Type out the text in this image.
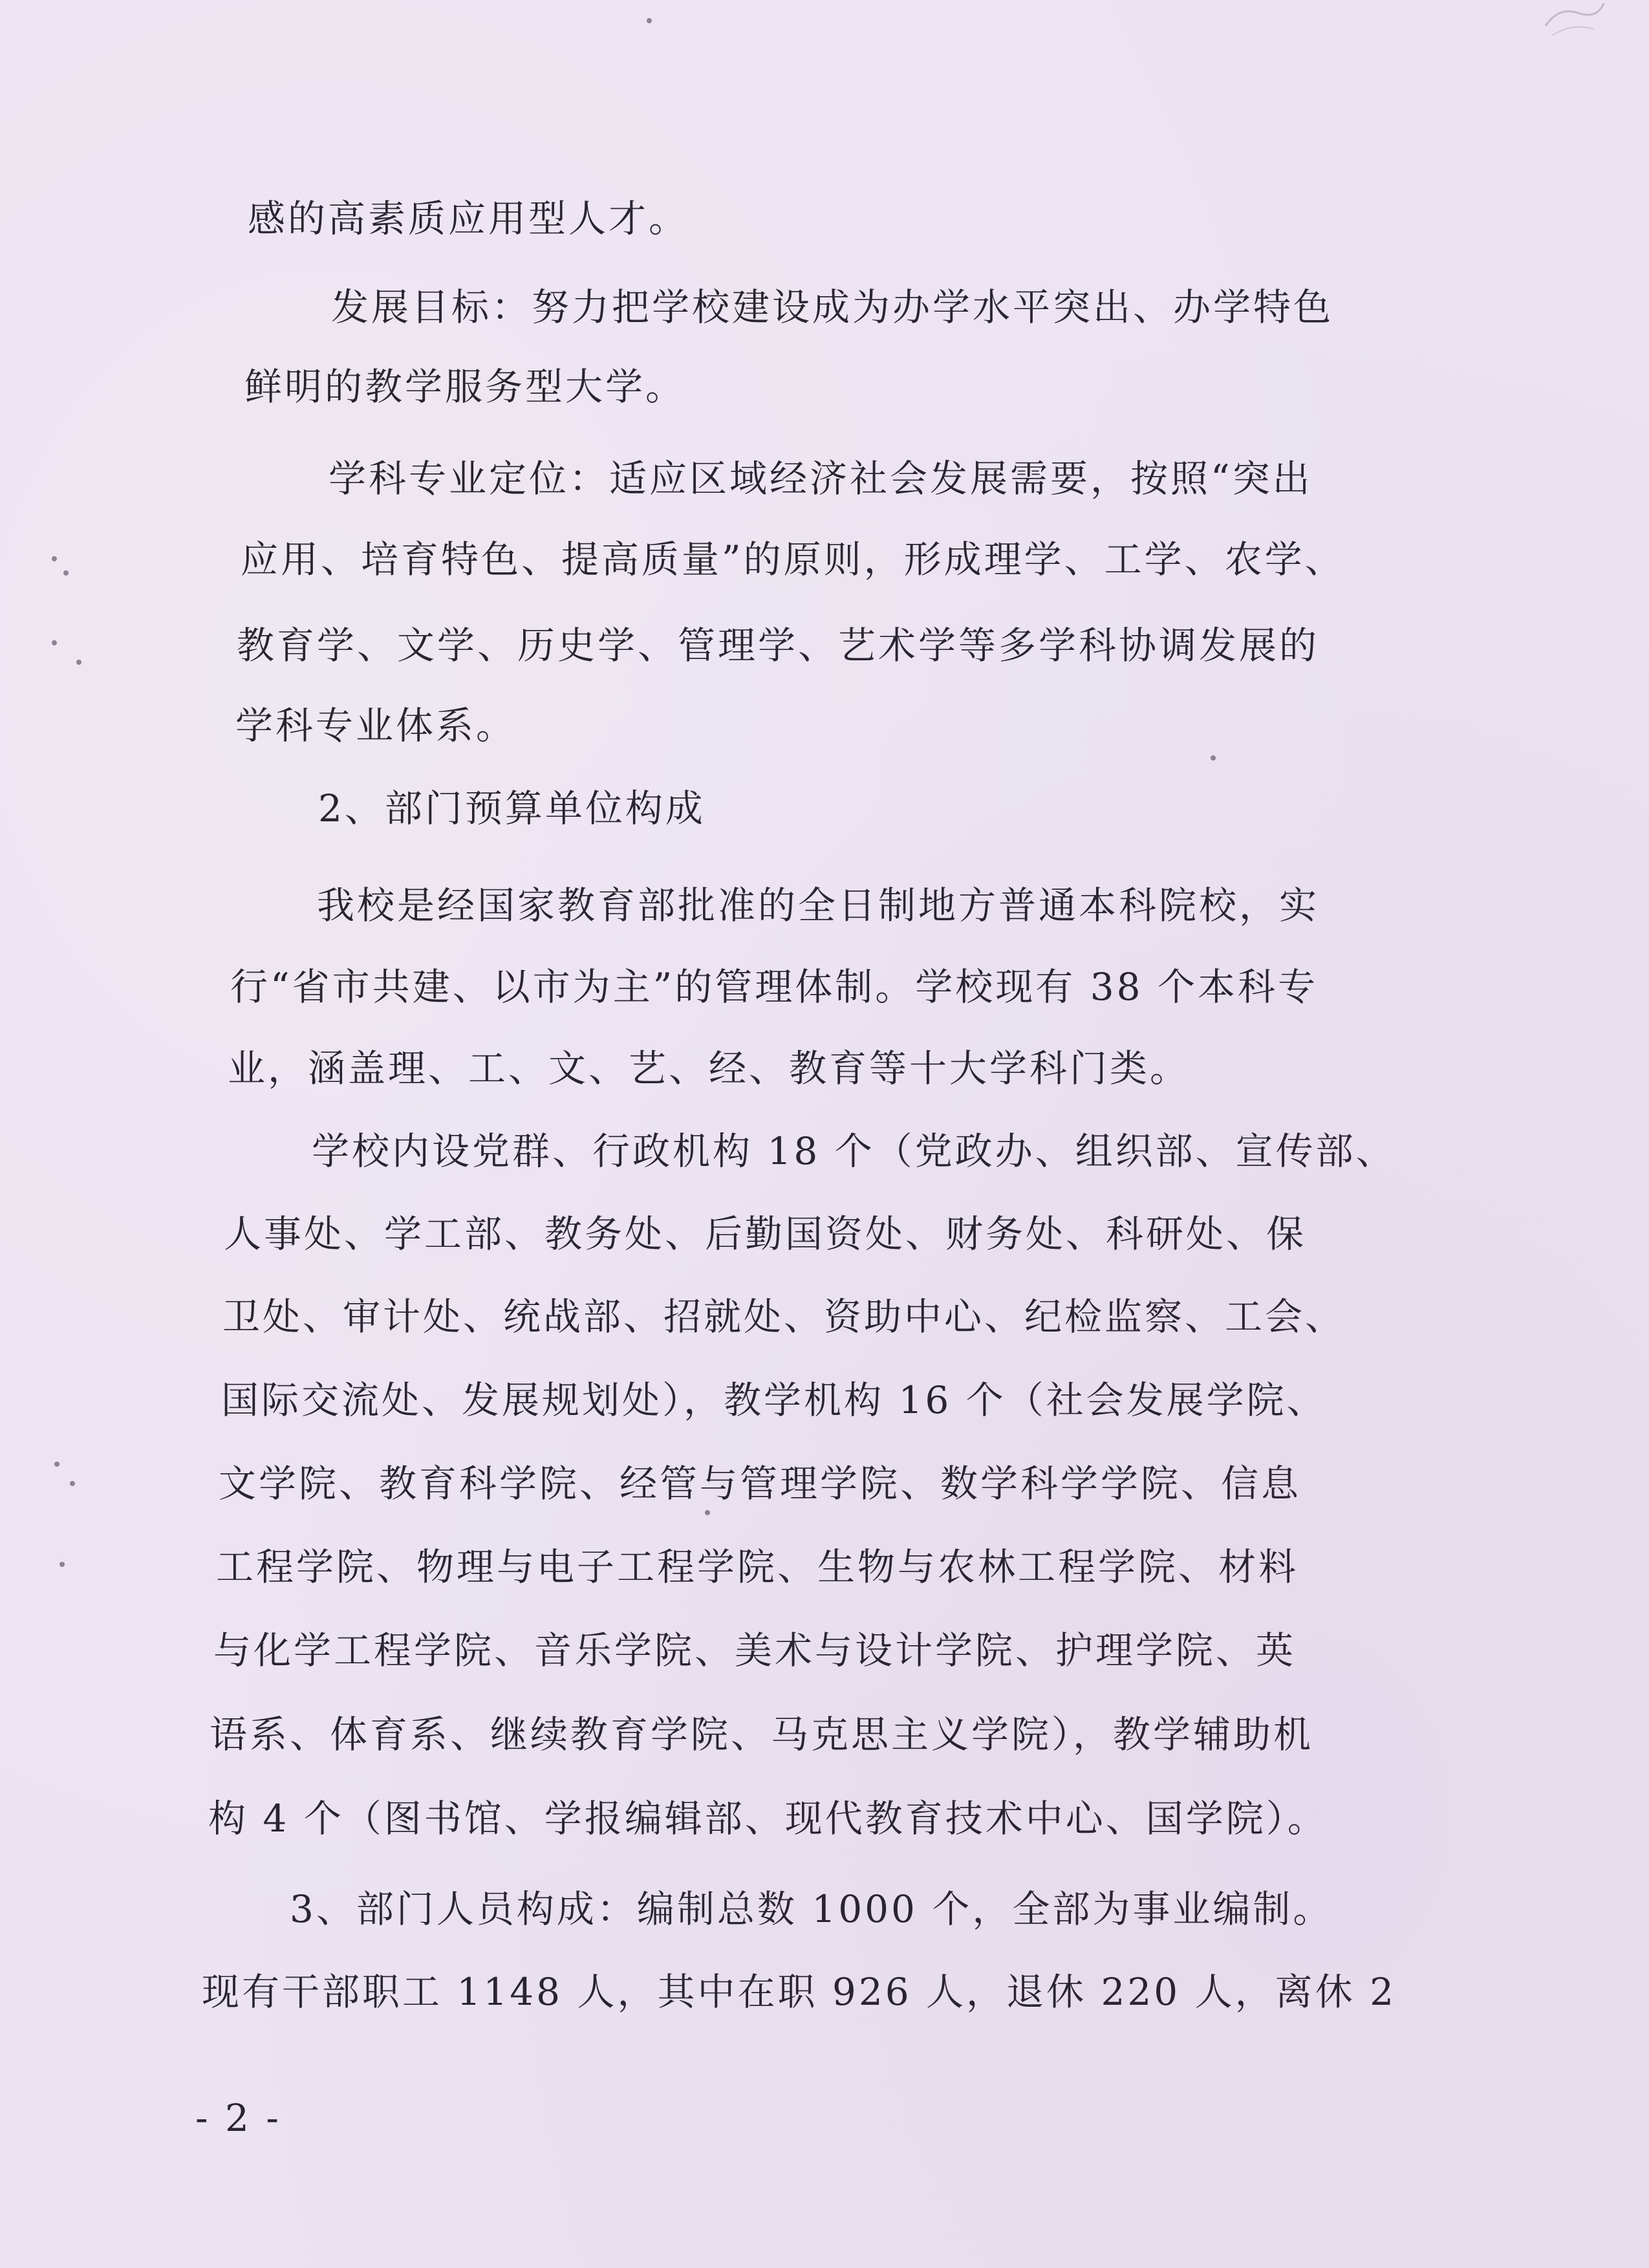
感的高素质应用型人才。

发展目标：努力把学校建设成为办学水平突出、办学特色

鲜明的教学服务型大学。

学科专业定位：适应区域经济社会发展需要，按照“突出

应用、培育特色、提高质量”的原则，形成理学、工学、农学、

教育学、文学、历史学、管理学、艺术学等多学科协调发展的

学科专业体系。

2、部门预算单位构成

我校是经国家教育部批准的全日制地方普通本科院校，实

行“省市共建、以市为主”的管理体制。学校现有 38 个本科专

业，涵盖理、工、文、艺、经、教育等十大学科门类。

学校内设党群、行政机构 18 个（党政办、组织部、宣传部、

人事处、学工部、教务处、后勤国资处、财务处、科研处、保

卫处、审计处、统战部、招就处、资助中心、纪检监察、工会、

国际交流处、发展规划处），教学机构 16 个（社会发展学院、

文学院、教育科学院、经管与管理学院、数学科学学院、信息

工程学院、物理与电子工程学院、生物与农林工程学院、材料

与化学工程学院、音乐学院、美术与设计学院、护理学院、英

语系、体育系、继续教育学院、马克思主义学院），教学辅助机

构 4 个（图书馆、学报编辑部、现代教育技术中心、国学院）。

3、部门人员构成：编制总数 1000 个，全部为事业编制。

现有干部职工 1148 人，其中在职 926 人，退休 220 人，离休 2

- 2 -
